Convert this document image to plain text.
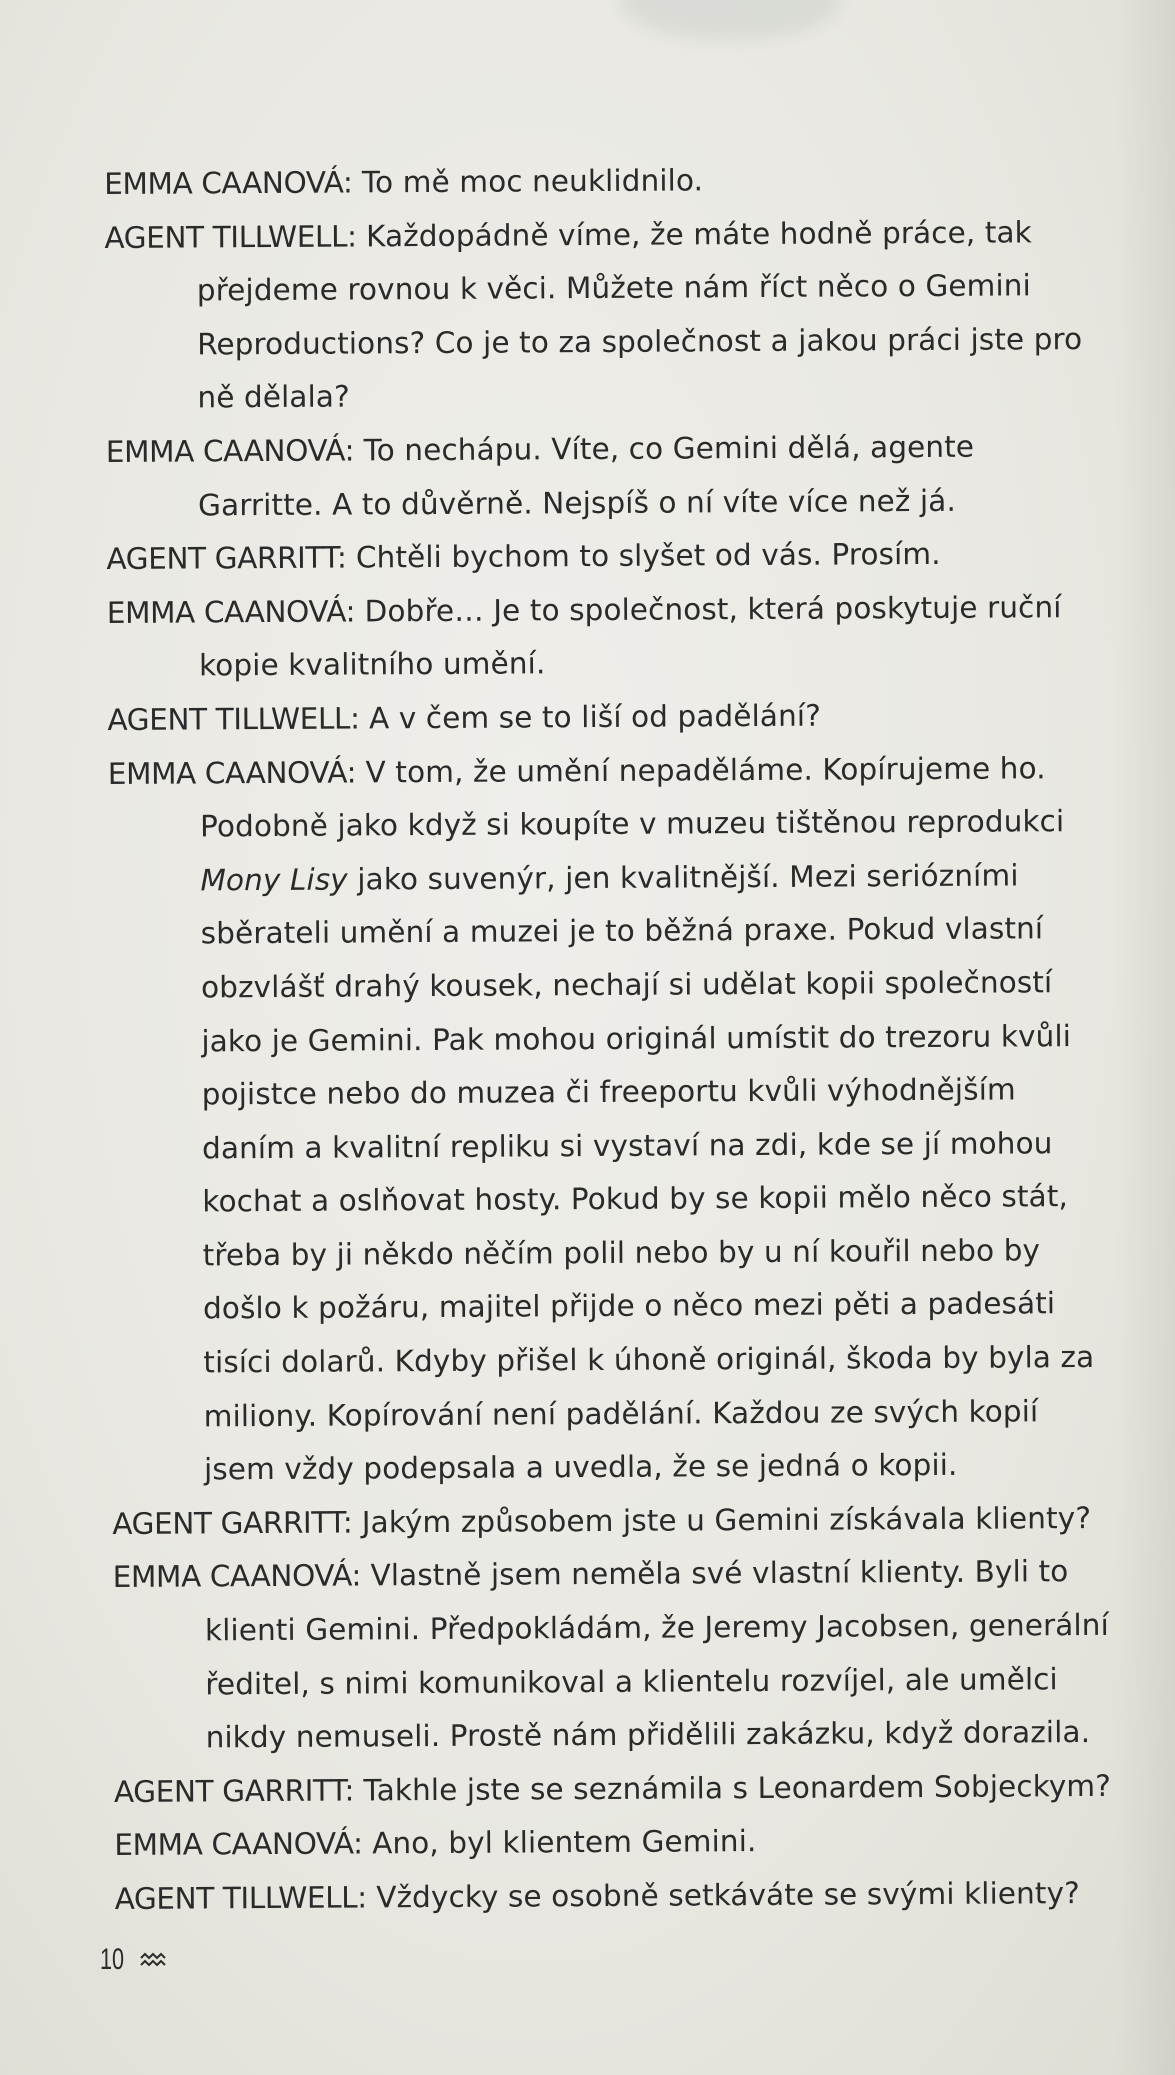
EMMA CAANOVÁ: To mě moc neuklidnilo.

AGENT TILLWELL: Každopádně víme, že máte hodně práce, tak přejdeme rovnou k věci. Můžete nám říct něco o Gemini Reproductions? Co je to za společnost a jakou práci jste pro ně dělala?

EMMA CAANOVÁ: To nechápu. Víte, co Gemini dělá, agente Garritte. A to důvěrně. Nejspíš o ní víte více než já.

AGENT GARRITT: Chtěli bychom to slyšet od vás. Prosím.

EMMA CAANOVÁ: Dobře… Je to společnost, která poskytuje ruční kopie kvalitního umění.

AGENT TILLWELL: A v čem se to liší od padělání?

EMMA CAANOVÁ: V tom, že umění nepaděláme. Kopírujeme ho. Podobně jako když si koupíte v muzeu tištěnou reprodukci Mony Lisy jako suvenýr, jen kvalitnější. Mezi seriózními sběrateli umění a muzei je to běžná praxe. Pokud vlastní obzvlášť drahý kousek, nechají si udělat kopii společností jako je Gemini. Pak mohou originál umístit do trezoru kvůli pojistce nebo do muzea či freeportu kvůli výhodnějším daním a kvalitní repliku si vystaví na zdi, kde se jí mohou kochat a oslňovat hosty. Pokud by se kopii mělo něco stát, třeba by ji někdo něčím polil nebo by u ní kouřil nebo by došlo k požáru, majitel přijde o něco mezi pěti a padesáti tisíci dolarů. Kdyby přišel k úhoně originál, škoda by byla za miliony. Kopírování není padělání. Každou ze svých kopií jsem vždy podepsala a uvedla, že se jedná o kopii.

AGENT GARRITT: Jakým způsobem jste u Gemini získávala klienty?

EMMA CAANOVÁ: Vlastně jsem neměla své vlastní klienty. Byli to klienti Gemini. Předpokládám, že Jeremy Jacobsen, generální ředitel, s nimi komunikoval a klientelu rozvíjel, ale umělci nikdy nemuseli. Prostě nám přidělili zakázku, když dorazila.

AGENT GARRITT: Takhle jste se seznámila s Leonardem Sobjeckym?

EMMA CAANOVÁ: Ano, byl klientem Gemini.

AGENT TILLWELL: Vždycky se osobně setkáváte se svými klienty?

10
